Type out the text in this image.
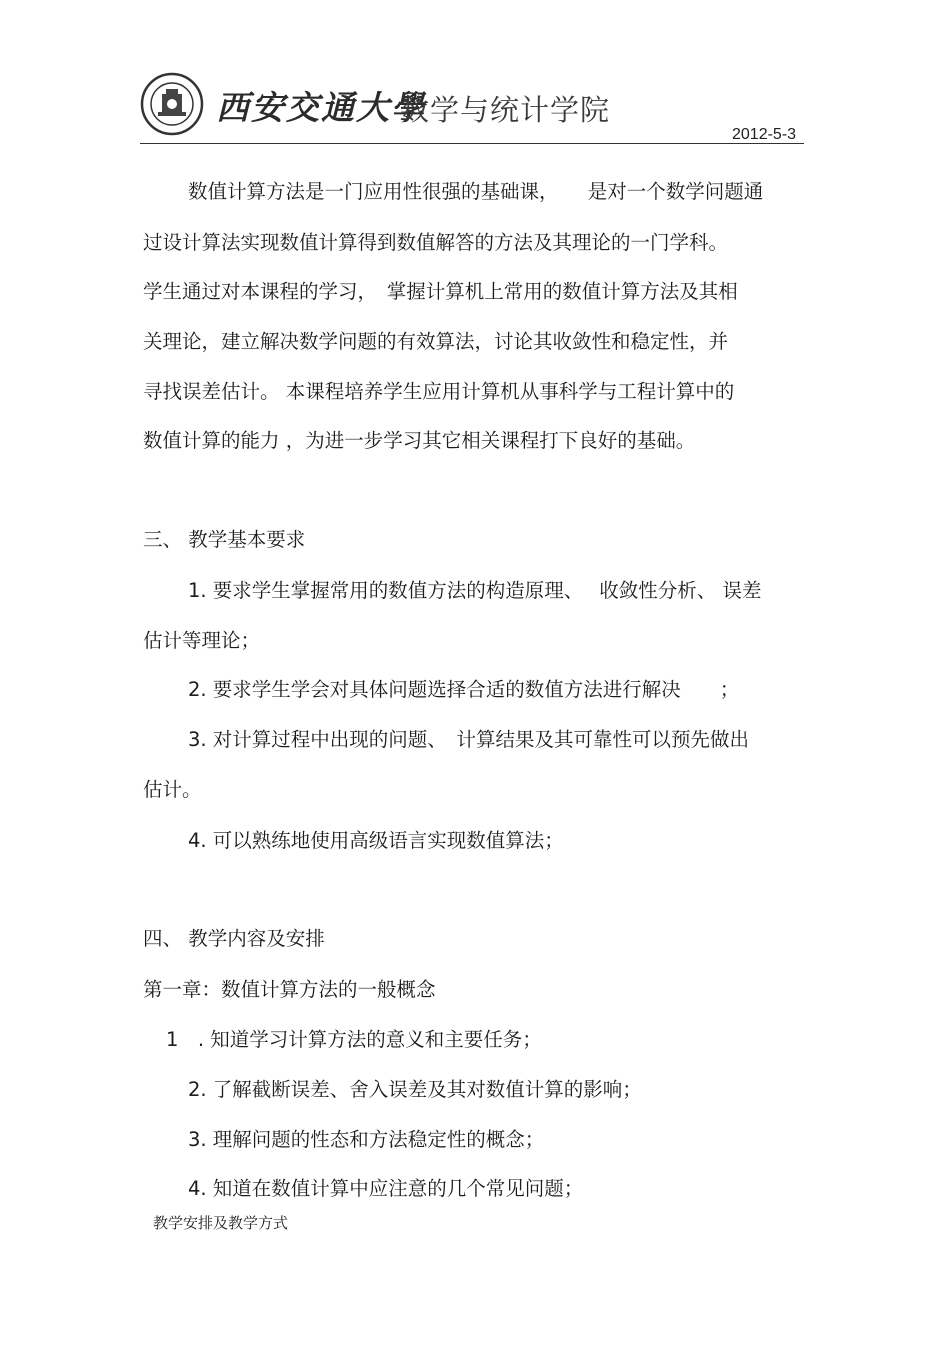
西安交通大學
数学与统计学院
2012-5-3
数值计算方法是一门应用性很强的基础课，　　是对一个数学问题通
过设计算法实现数值计算得到数值解答的方法及其理论的一门学科。
学生通过对本课程的学习，　掌握计算机上常用的数值计算方法及其相
关理论，建立解决数学问题的有效算法，讨论其收敛性和稳定性，并
寻找误差估计。 本课程培养学生应用计算机从事科学与工程计算中的
数值计算的能力 ，为进一步学习其它相关课程打下良好的基础。
三、 教学基本要求
1. 要求学生掌握常用的数值方法的构造原理、　 收敛性分析、 误差
估计等理论；
2. 要求学生学会对具体问题选择合适的数值方法进行解决　　；
3. 对计算过程中出现的问题、　计算结果及其可靠性可以预先做出
估计。
4. 可以熟练地使用高级语言实现数值算法；
四、 教学内容及安排
第一章：数值计算方法的一般概念
1　. 知道学习计算方法的意义和主要任务；
2. 了解截断误差、舍入误差及其对数值计算的影响；
3. 理解问题的性态和方法稳定性的概念；
4. 知道在数值计算中应注意的几个常见问题；
教学安排及教学方式
